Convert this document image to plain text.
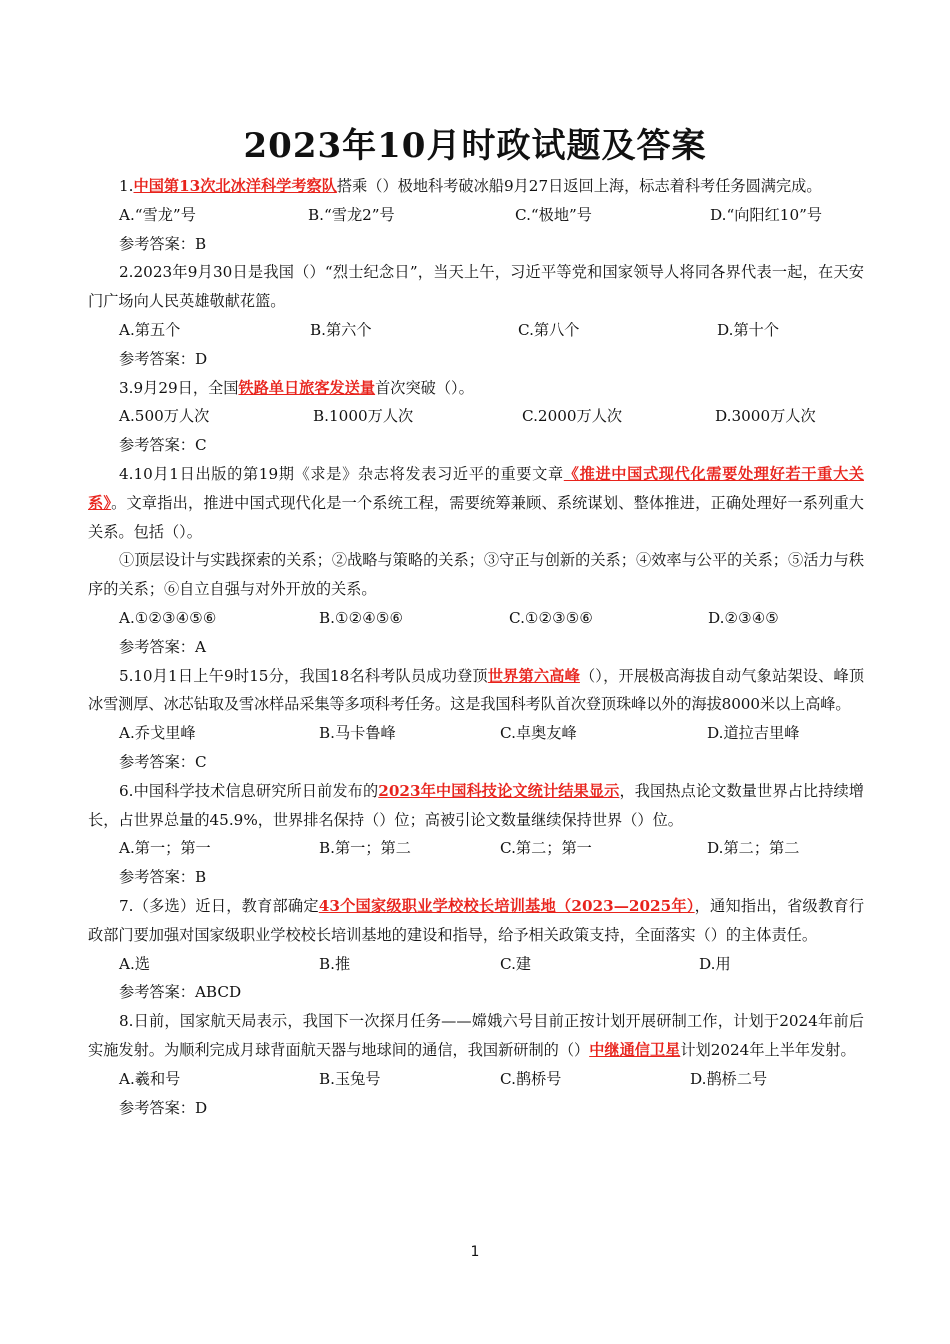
2023年10月时政试题及答案

1.中国第13次北冰洋科学考察队搭乘（）极地科考破冰船9月27日返回上海，标志着科考任务圆满完成。

A.“雪龙”号	B.“雪龙2”号	C.“极地”号	D.“向阳红10”号

参考答案：B

2.2023年9月30日是我国（）“烈士纪念日”，当天上午，习近平等党和国家领导人将同各界代表一起，在天安门广场向人民英雄敬献花篮。

A.第五个	B.第六个	C.第八个	D.第十个

参考答案：D

3.9月29日，全国铁路单日旅客发送量首次突破（）。

A.500万人次	B.1000万人次	C.2000万人次	D.3000万人次

参考答案：C

4.10月1日出版的第19期《求是》杂志将发表习近平的重要文章《推进中国式现代化需要处理好若干重大关系》。文章指出，推进中国式现代化是一个系统工程，需要统筹兼顾、系统谋划、整体推进，正确处理好一系列重大关系。包括（）。

①顶层设计与实践探索的关系；②战略与策略的关系；③守正与创新的关系；④效率与公平的关系；⑤活力与秩序的关系；⑥自立自强与对外开放的关系。

A.①②③④⑤⑥	B.①②④⑤⑥	C.①②③⑤⑥	D.②③④⑤

参考答案：A

5.10月1日上午9时15分，我国18名科考队员成功登顶世界第六高峰（），开展极高海拔自动气象站架设、峰顶冰雪测厚、冰芯钻取及雪冰样品采集等多项科考任务。这是我国科考队首次登顶珠峰以外的海拔8000米以上高峰。

A.乔戈里峰	B.马卡鲁峰	C.卓奥友峰	D.道拉吉里峰

参考答案：C

6.中国科学技术信息研究所日前发布的2023年中国科技论文统计结果显示，我国热点论文数量世界占比持续增长，占世界总量的45.9%，世界排名保持（）位；高被引论文数量继续保持世界（）位。

A.第一；第一	B.第一；第二	C.第二；第一	D.第二；第二

参考答案：B

7.（多选）近日，教育部确定43个国家级职业学校校长培训基地（2023—2025年），通知指出，省级教育行政部门要加强对国家级职业学校校长培训基地的建设和指导，给予相关政策支持，全面落实（）的主体责任。

A.选	B.推	C.建	D.用

参考答案：ABCD

8.日前，国家航天局表示，我国下一次探月任务——嫦娥六号目前正按计划开展研制工作，计划于2024年前后实施发射。为顺利完成月球背面航天器与地球间的通信，我国新研制的（）中继通信卫星计划2024年上半年发射。

A.羲和号	B.玉兔号	C.鹊桥号	D.鹊桥二号

参考答案：D

1
